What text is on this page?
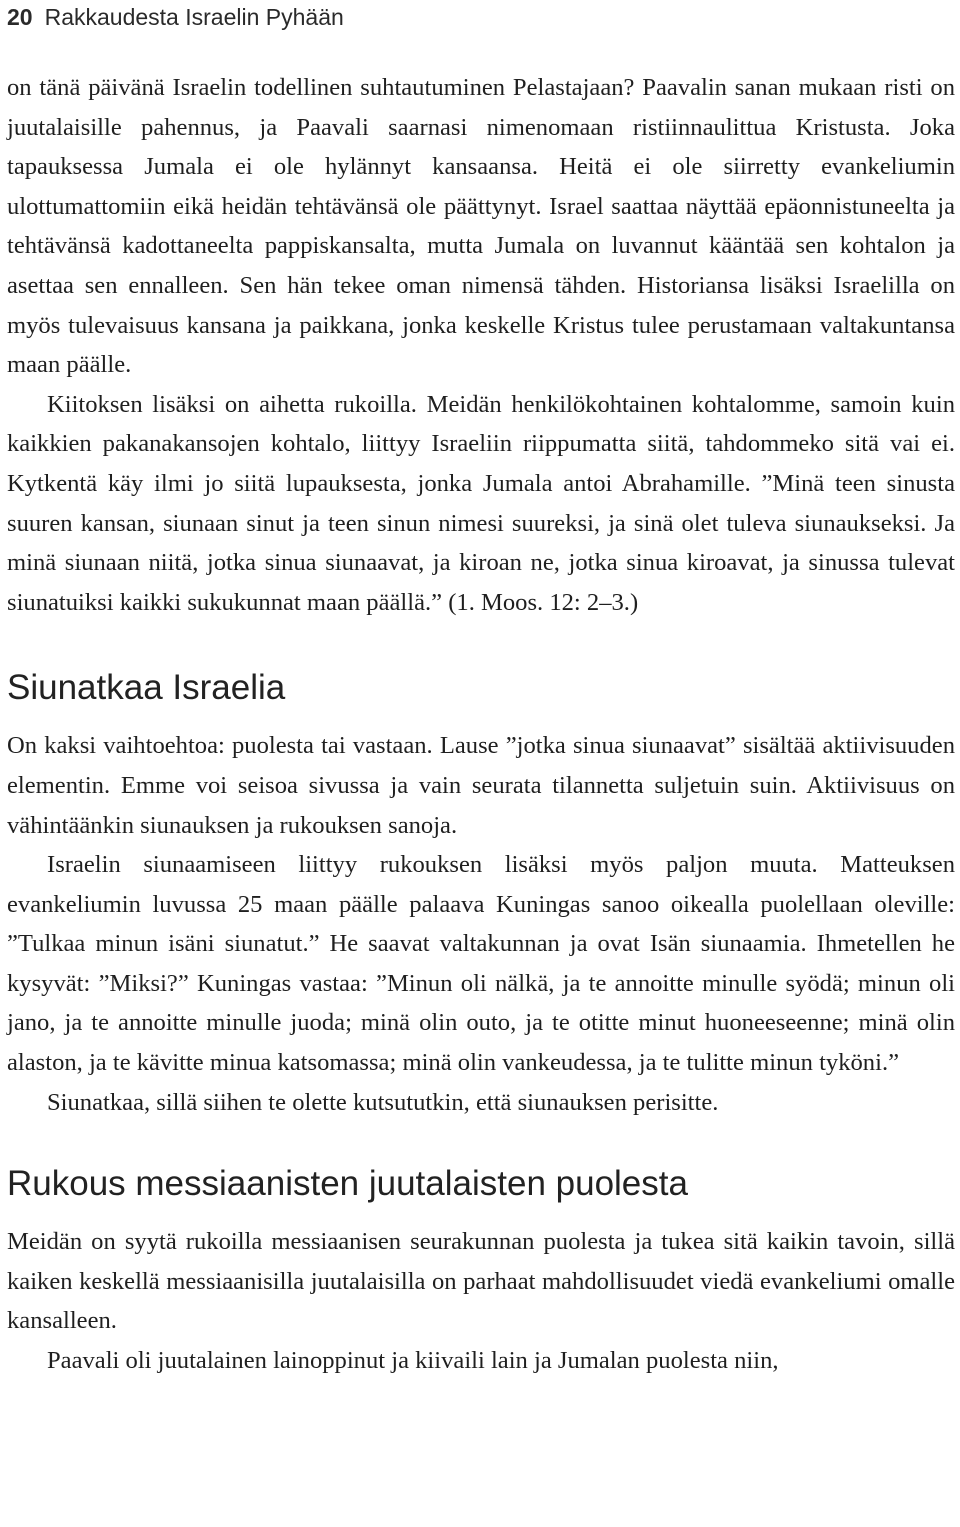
20 Rakkaudesta Israelin Pyhään

on tänä päivänä Israelin todellinen suhtautuminen Pelastajaan? Paavalin sanan mukaan risti on juutalaisille pahennus, ja Paavali saarnasi nimenomaan ristiinnaulittua Kristusta. Joka tapauksessa Jumala ei ole hylännyt kansaansa. Heitä ei ole siirretty evankeliumin ulottumattomiin eikä heidän tehtävänsä ole päättynyt. Israel saattaa näyttää epäonnistuneelta ja tehtävänsä kadottaneelta pappiskansalta, mutta Jumala on luvannut kääntää sen kohtalon ja asettaa sen ennalleen. Sen hän tekee oman nimensä tähden. Historiansa lisäksi Israelilla on myös tulevaisuus kansana ja paikkana, jonka keskelle Kristus tulee perustamaan valtakuntansa maan päälle.

Kiitoksen lisäksi on aihetta rukoilla. Meidän henkilökohtainen kohtalomme, samoin kuin kaikkien pakanakansojen kohtalo, liittyy Israeliin riippumatta siitä, tahdommeko sitä vai ei. Kytkentä käy ilmi jo siitä lupauksesta, jonka Jumala antoi Abrahamille. ”Minä teen sinusta suuren kansan, siunaan sinut ja teen sinun nimesi suureksi, ja sinä olet tuleva siunaukseksi. Ja minä siunaan niitä, jotka sinua siunaavat, ja kiroan ne, jotka sinua kiroavat, ja sinussa tulevat siunatuiksi kaikki sukukunnat maan päällä.” (1. Moos. 12: 2–3.)

Siunatkaa Israelia

On kaksi vaihtoehtoa: puolesta tai vastaan. Lause ”jotka sinua siunaavat” sisältää aktiivisuuden elementin. Emme voi seisoa sivussa ja vain seurata tilannetta suljetuin suin. Aktiivisuus on vähintäänkin siunauksen ja rukouksen sanoja.

Israelin siunaamiseen liittyy rukouksen lisäksi myös paljon muuta. Matteuksen evankeliumin luvussa 25 maan päälle palaava Kuningas sanoo oikealla puolellaan oleville: ”Tulkaa minun isäni siunatut.” He saavat valtakunnan ja ovat Isän siunaamia. Ihmetellen he kysyvät: ”Miksi?” Kuningas vastaa: ”Minun oli nälkä, ja te annoitte minulle syödä; minun oli jano, ja te annoitte minulle juoda; minä olin outo, ja te otitte minut huoneeseenne; minä olin alaston, ja te kävitte minua katsomassa; minä olin vankeudessa, ja te tulitte minun tyköni.”

Siunatkaa, sillä siihen te olette kutsututkin, että siunauksen perisitte.

Rukous messiaanisten juutalaisten puolesta

Meidän on syytä rukoilla messiaanisen seurakunnan puolesta ja tukea sitä kaikin tavoin, sillä kaiken keskellä messiaanisilla juutalaisilla on parhaat mahdollisuudet viedä evankeliumi omalle kansalleen.

Paavali oli juutalainen lainoppinut ja kiivaili lain ja Jumalan puolesta niin,
